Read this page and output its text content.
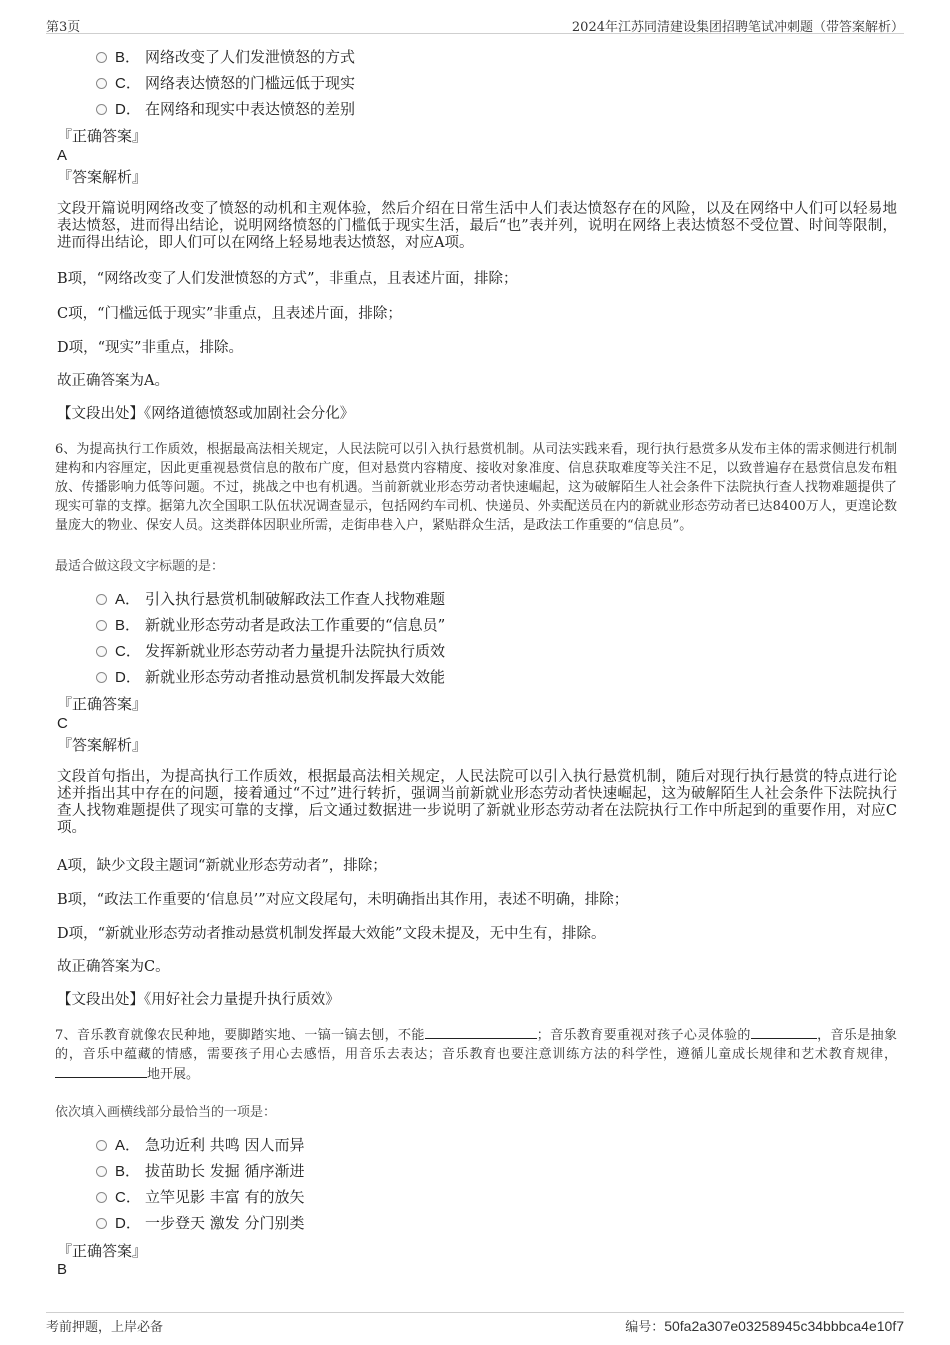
第3页	2024年江苏同清建设集团招聘笔试冲刺题（带答案解析）
B． 网络改变了人们发泄愤怒的方式
C． 网络表达愤怒的门槛远低于现实
D． 在网络和现实中表达愤怒的差别
『正确答案』
A
『答案解析』
文段开篇说明网络改变了愤怒的动机和主观体验，然后介绍在日常生活中人们表达愤怒存在的风险，以及在网络中人们可以轻易地表达愤怒，进而得出结论，说明网络愤怒的门槛低于现实生活，最后“也”表并列，说明在网络上表达愤怒不受位置、时间等限制，进而得出结论，即人们可以在网络上轻易地表达愤怒，对应A项。
B项，“网络改变了人们发泄愤怒的方式”，非重点，且表述片面，排除；
C项，“门槛远低于现实”非重点，且表述片面，排除；
D项，“现实”非重点，排除。
故正确答案为A。
【文段出处】《网络道德愤怒或加剧社会分化》
6、为提高执行工作质效，根据最高法相关规定，人民法院可以引入执行悬赏机制。从司法实践来看，现行执行悬赏多从发布主体的需求侧进行机制建构和内容厘定，因此更重视悬赏信息的散布广度，但对悬赏内容精度、接收对象准度、信息获取难度等关注不足，以致普遍存在悬赏信息发布粗放、传播影响力低等问题。不过，挑战之中也有机遇。当前新就业形态劳动者快速崛起，这为破解陌生人社会条件下法院执行查人找物难题提供了现实可靠的支撑。据第九次全国职工队伍状况调查显示，包括网约车司机、快递员、外卖配送员在内的新就业形态劳动者已达8400万人，更遑论数量庞大的物业、保安人员。这类群体因职业所需，走街串巷入户，紧贴群众生活，是政法工作重要的“信息员”。
最适合做这段文字标题的是：
A． 引入执行悬赏机制破解政法工作查人找物难题
B． 新就业形态劳动者是政法工作重要的“信息员”
C． 发挥新就业形态劳动者力量提升法院执行质效
D． 新就业形态劳动者推动悬赏机制发挥最大效能
『正确答案』
C
『答案解析』
文段首句指出，为提高执行工作质效，根据最高法相关规定，人民法院可以引入执行悬赏机制，随后对现行执行悬赏的特点进行论述并指出其中存在的问题，接着通过“不过”进行转折，强调当前新就业形态劳动者快速崛起，这为破解陌生人社会条件下法院执行查人找物难题提供了现实可靠的支撑，后文通过数据进一步说明了新就业形态劳动者在法院执行工作中所起到的重要作用，对应C项。
A项，缺少文段主题词“新就业形态劳动者”，排除；
B项，“政法工作重要的‘信息员’”对应文段尾句，未明确指出其作用，表述不明确，排除；
D项，“新就业形态劳动者推动悬赏机制发挥最大效能”文段未提及，无中生有，排除。
故正确答案为C。
【文段出处】《用好社会力量提升执行质效》
7、音乐教育就像农民种地，要脚踏实地、一镐一镐去刨，不能	；音乐教育要重视对孩子心灵体验的	，音乐是抽象的，音乐中蕴藏的情感，需要孩子用心去感悟，用音乐去表达；音乐教育也要注意训练方法的科学性，遵循儿童成长规律和艺术教育规律，地开展。
依次填入画横线部分最恰当的一项是：
A． 急功近利 共鸣 因人而异
B． 拔苗助长 发掘 循序渐进
C． 立竿见影 丰富 有的放矢
D． 一步登天 激发 分门别类
『正确答案』
B
考前押题，上岸必备	编号：50fa2a307e03258945c34bbbca4e10f7
